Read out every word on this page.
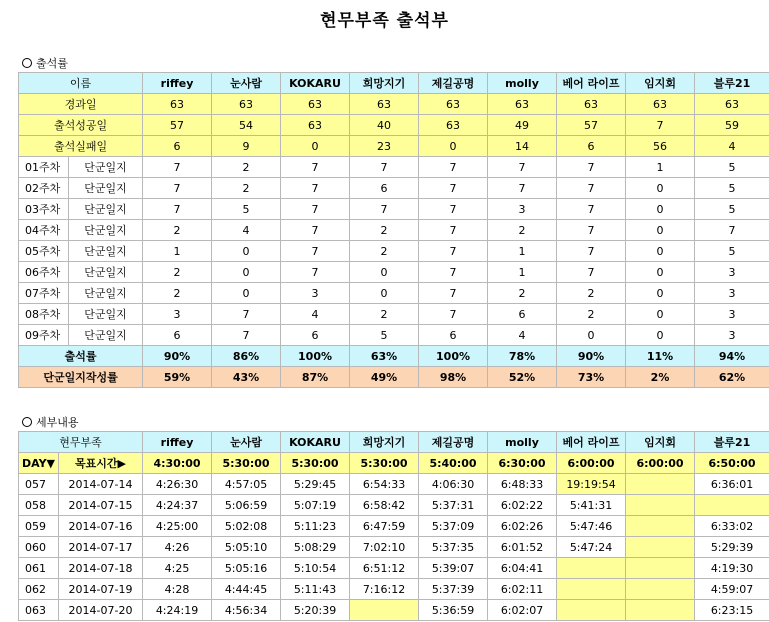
현무부족 출석부
출석률
이름		riffey	눈사람	KOKARU	희망지기	제길공명	molly	베어 라이프	임지회	블루21
경과일		63	63	63	63	63	63	63	63	63
출석성공일		57	54	63	40	63	49	57	7	59
출석실패일		6	9	0	23	0	14	6	56	4
01주차	단군일지	7	2	7	7	7	7	7	1	5
02주차	단군일지	7	2	7	6	7	7	7	0	5
03주차	단군일지	7	5	7	7	7	3	7	0	5
04주차	단군일지	2	4	7	2	7	2	7	0	7
05주차	단군일지	1	0	7	2	7	1	7	0	5
06주차	단군일지	2	0	7	0	7	1	7	0	3
07주차	단군일지	2	0	3	0	7	2	2	0	3
08주차	단군일지	3	7	4	2	7	6	2	0	3
09주차	단군일지	6	7	6	5	6	4	0	0	3
출석률		90%	86%	100%	63%	100%	78%	90%	11%	94%
단군일지작성률		59%	43%	87%	49%	98%	52%	73%	2%	62%
세부내용
현무부족		riffey	눈사람	KOKARU	희망지기	제길공명	molly	베어 라이프	임지회	블루21
DAY▼	목표시간▶	4:30:00	5:30:00	5:30:00	5:30:00	5:40:00	6:30:00	6:00:00	6:00:00	6:50:00
057	2014-07-14	4:26:30	4:57:05	5:29:45	6:54:33	4:06:30	6:48:33	19:19:54		6:36:01
058	2014-07-15	4:24:37	5:06:59	5:07:19	6:58:42	5:37:31	6:02:22	5:41:31		
059	2014-07-16	4:25:00	5:02:08	5:11:23	6:47:59	5:37:09	6:02:26	5:47:46		6:33:02
060	2014-07-17	4:26	5:05:10	5:08:29	7:02:10	5:37:35	6:01:52	5:47:24		5:29:39
061	2014-07-18	4:25	5:05:16	5:10:54	6:51:12	5:39:07	6:04:41			4:19:30
062	2014-07-19	4:28	4:44:45	5:11:43	7:16:12	5:37:39	6:02:11			4:59:07
063	2014-07-20	4:24:19	4:56:34	5:20:39		5:36:59	6:02:07			6:23:15
